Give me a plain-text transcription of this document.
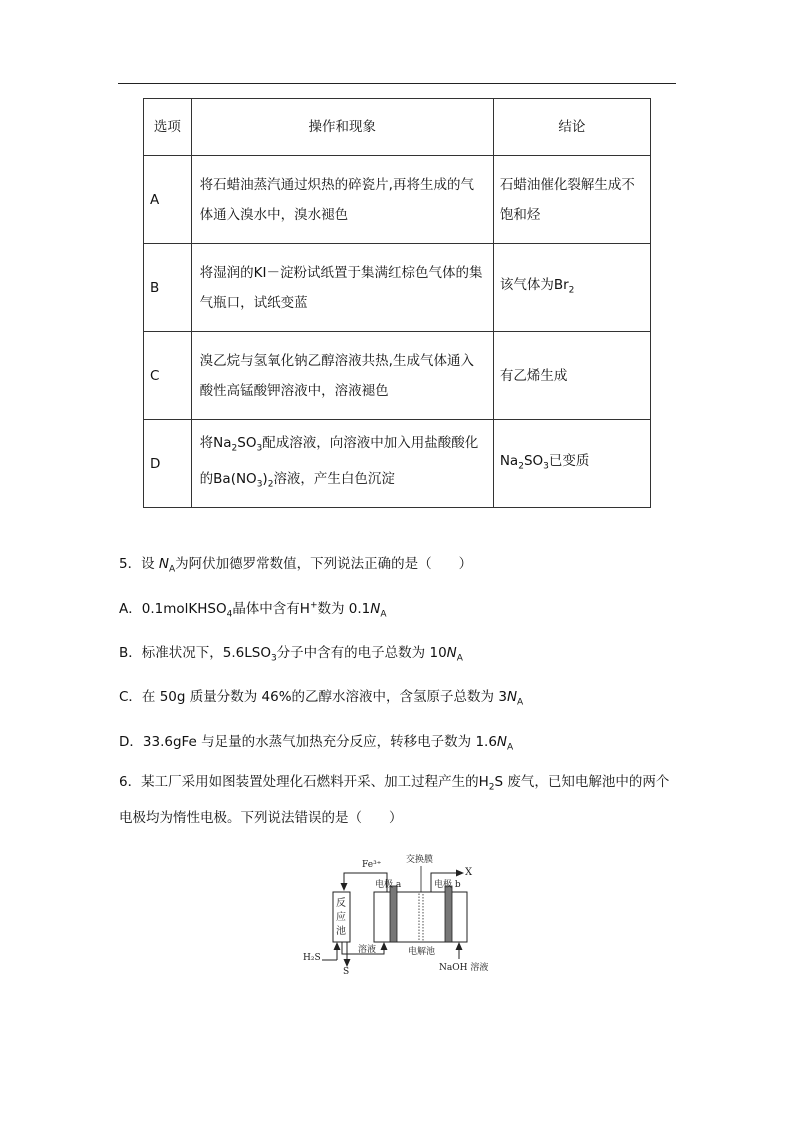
选项	操作和现象	结论
A	将石蜡油蒸汽通过炽热的碎瓷片,再将生成的气体通入溴水中，溴水褪色	石蜡油催化裂解生成不饱和烃
B	将湿润的KI－淀粉试纸置于集满红棕色气体的集气瓶口，试纸变蓝	该气体为$Br_2$
C	溴乙烷与氢氧化钠乙醇溶液共热,生成气体通入酸性高锰酸钾溶液中，溶液褪色	有乙烯生成
D	将$Na_2SO_3$配成溶液，向溶液中加入用盐酸酸化的$Ba(NO_3)_2$溶液，产生白色沉淀	$Na_2SO_3$已变质
5．设 $N_A$为阿伏加德罗常数值，下列说法正确的是（　　）
A．0.1molKHSO$_4$晶体中含有H+数为 $0.1N_A$
B．标准状况下，$5.6LSO_3$分子中含有的电子总数为 $10N_A$
C．在 50g 质量分数为 46%的乙醇水溶液中，含氢原子总数为 $3N_A$
D．33.6gFe 与足量的水蒸气加热充分反应，转移电子数为 $1.6N_A$
6．某工厂采用如图装置处理化石燃料开采、加工过程产生的$H_2S$ 废气，已知电解池中的两个电极均为惰性电极。下列说法错误的是（　　）
Fe³⁺	交换膜
X
电极 a	电极 b
反
应
池
H₂S
S
溶液	电解池
NaOH 溶液
